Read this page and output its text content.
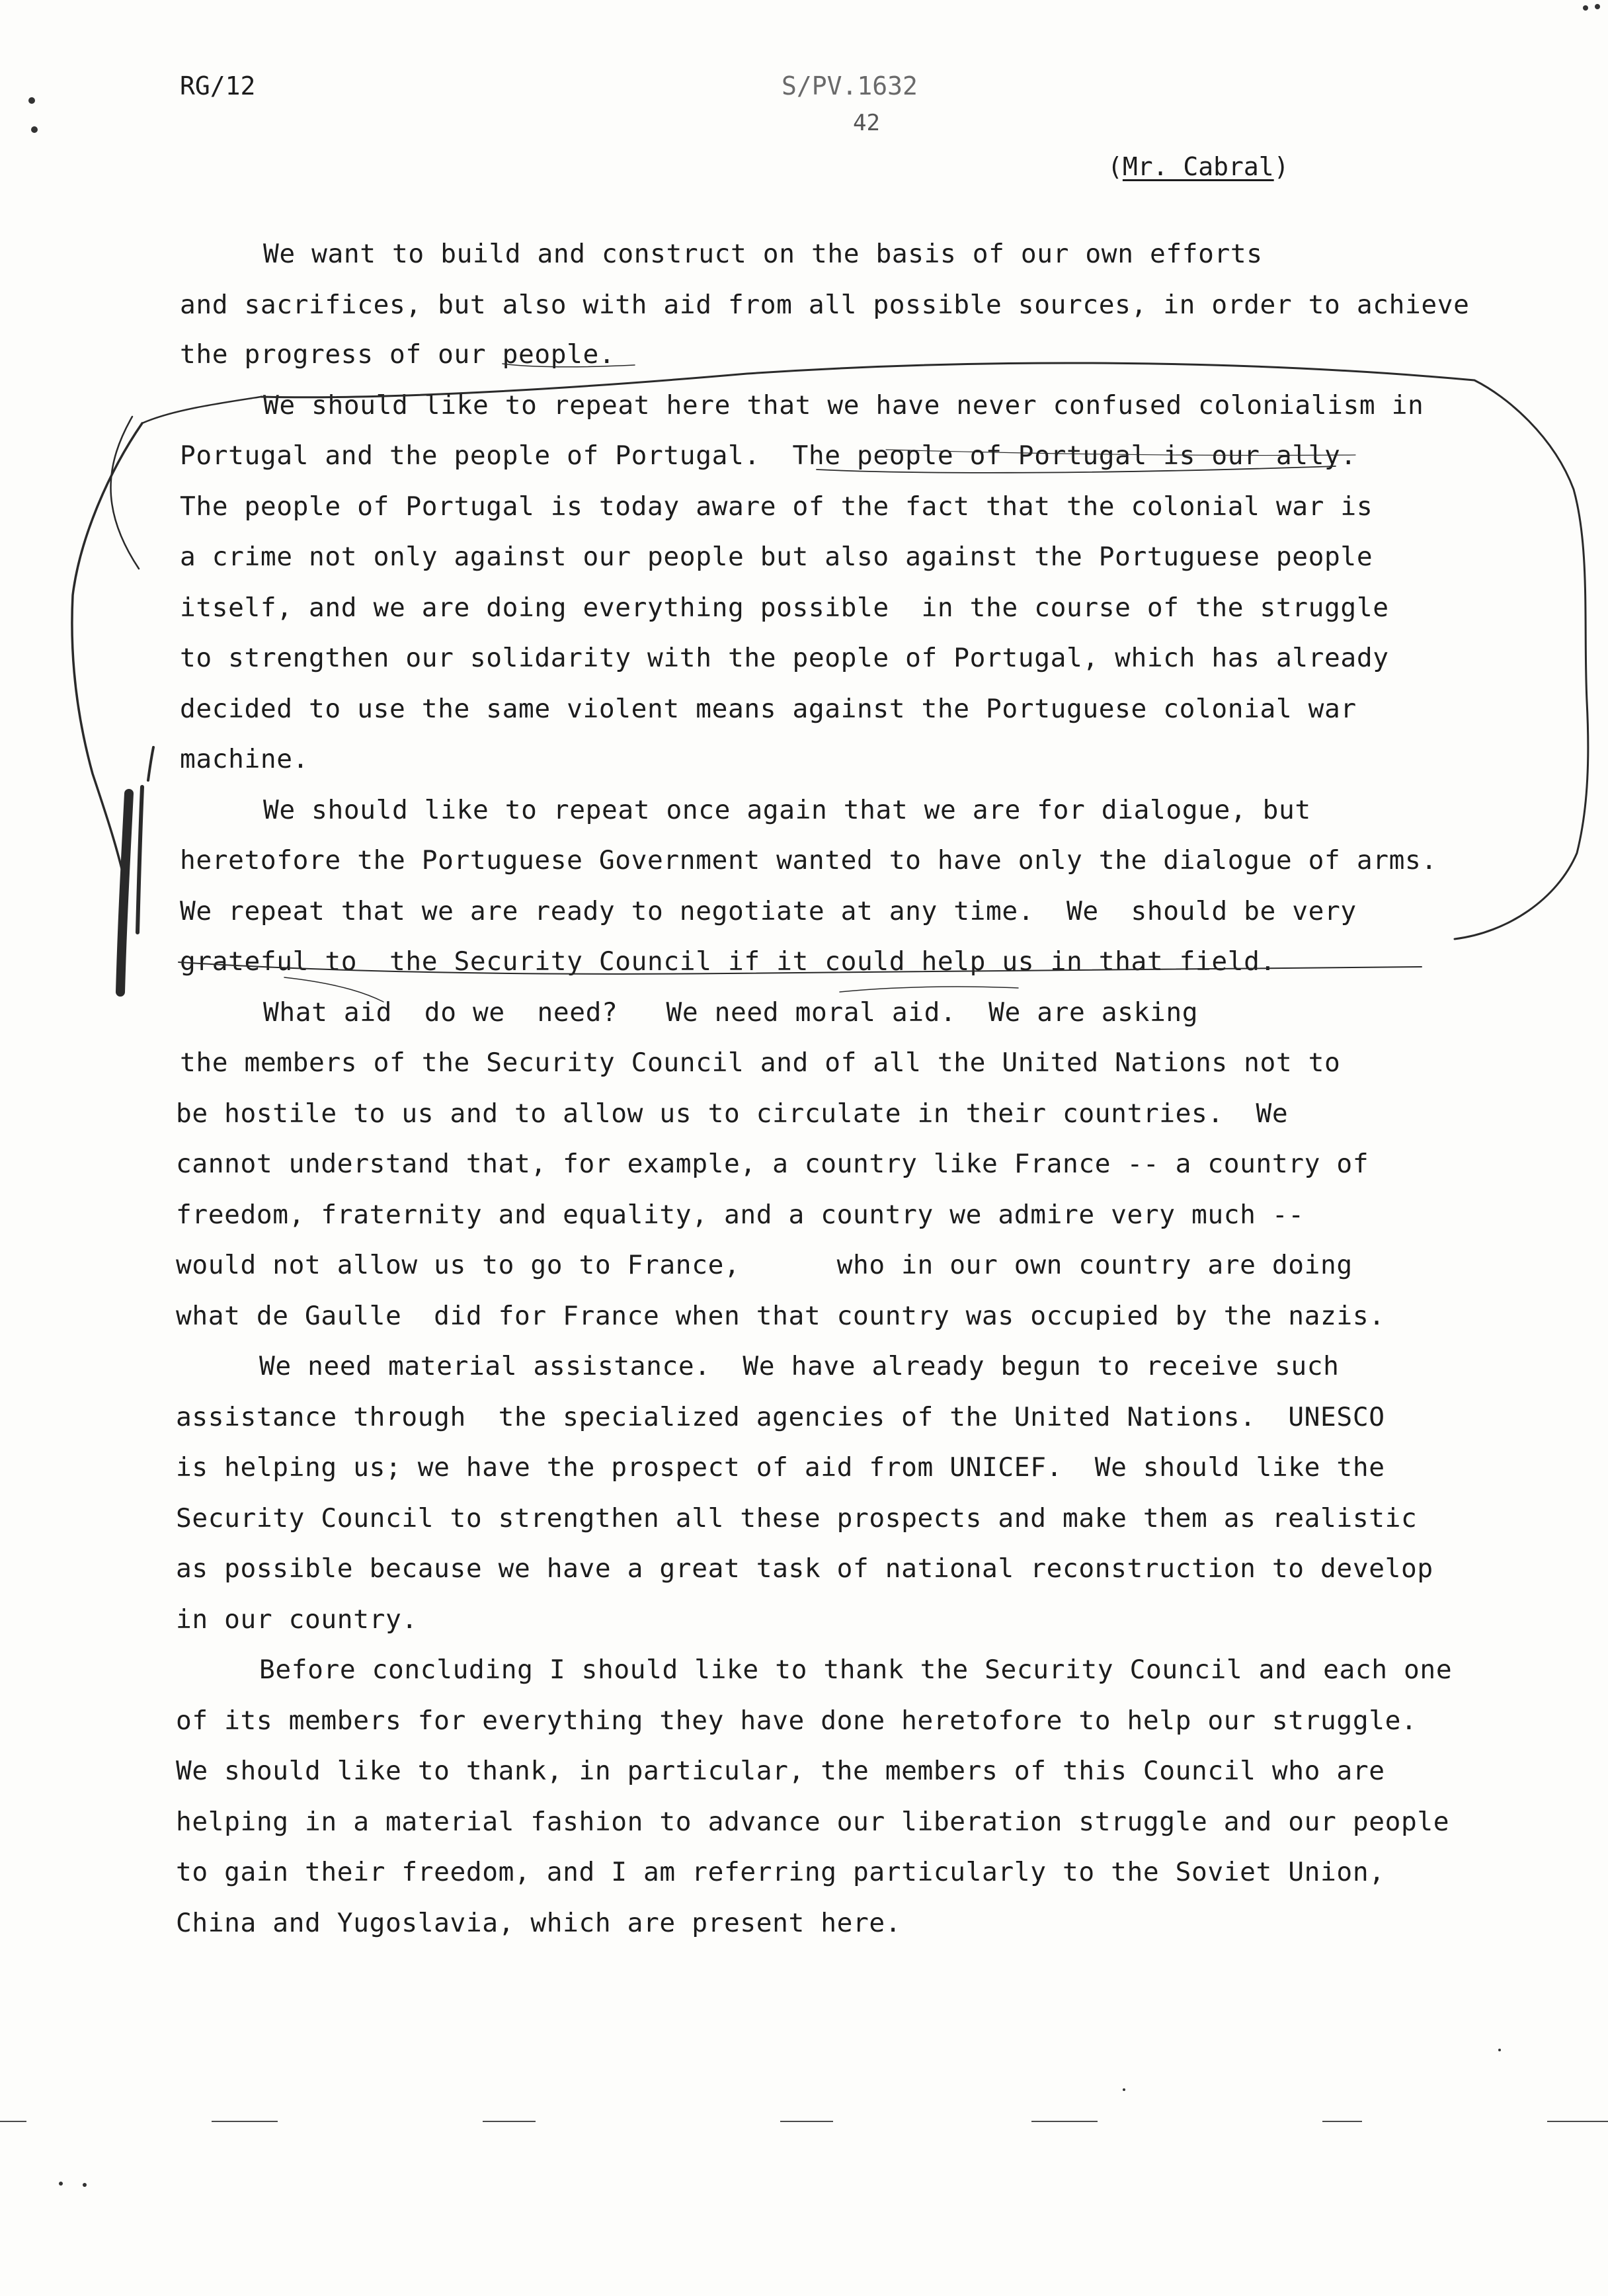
RG/12	S/PV.1632
42
(Mr. Cabral)
We want to build and construct on the basis of our own efforts
and sacrifices, but also with aid from all possible sources, in order to achieve
the progress of our people.
We should like to repeat here that we have never confused colonialism in
Portugal and the people of Portugal.  The people of Portugal is our ally.
The people of Portugal is today aware of the fact that the colonial war is
a crime not only against our people but also against the Portuguese people
itself, and we are doing everything possible  in the course of the struggle
to strengthen our solidarity with the people of Portugal, which has already
decided to use the same violent means against the Portuguese colonial war
machine.
We should like to repeat once again that we are for dialogue, but
heretofore the Portuguese Government wanted to have only the dialogue of arms.
We repeat that we are ready to negotiate at any time.  We  should be very
grateful to  the Security Council if it could help us in that field.
What aid  do we  need?   We need moral aid.  We are asking
the members of the Security Council and of all the United Nations not to
be hostile to us and to allow us to circulate in their countries.  We
cannot understand that, for example, a country like France -- a country of
freedom, fraternity and equality, and a country we admire very much --
would not allow us to go to France,      who in our own country are doing
what de Gaulle  did for France when that country was occupied by the nazis.
We need material assistance.  We have already begun to receive such
assistance through  the specialized agencies of the United Nations.  UNESCO
is helping us; we have the prospect of aid from UNICEF.  We should like the
Security Council to strengthen all these prospects and make them as realistic
as possible because we have a great task of national reconstruction to develop
in our country.
Before concluding I should like to thank the Security Council and each one
of its members for everything they have done heretofore to help our struggle.
We should like to thank, in particular, the members of this Council who are
helping in a material fashion to advance our liberation struggle and our people
to gain their freedom, and I am referring particularly to the Soviet Union,
China and Yugoslavia, which are present here.
